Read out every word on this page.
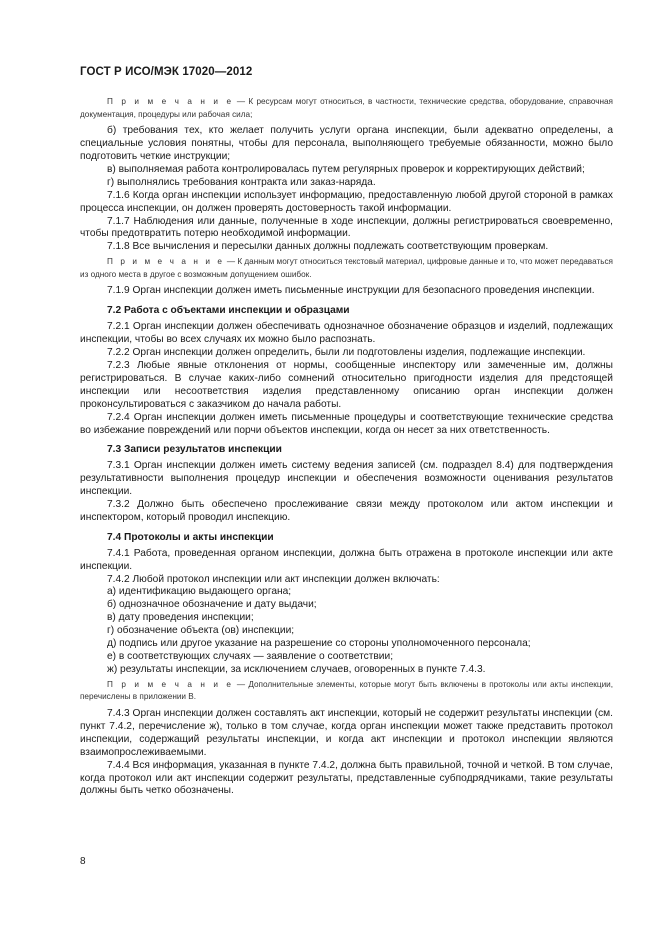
ГОСТ Р ИСО/МЭК 17020—2012

П р и м е ч а н и е — К ресурсам могут относиться, в частности, технические средства, оборудование, справочная документация, процедуры или рабочая сила;

б) требования тех, кто желает получить услуги органа инспекции, были адекватно определены, а специальные условия понятны, чтобы для персонала, выполняющего требуемые обязанности, можно было подготовить четкие инструкции;

в) выполняемая работа контролировалась путем регулярных проверок и корректирующих действий;

г) выполнялись требования контракта или заказ-наряда.

7.1.6 Когда орган инспекции использует информацию, предоставленную любой другой стороной в рамках процесса инспекции, он должен проверять достоверность такой информации.

7.1.7 Наблюдения или данные, полученные в ходе инспекции, должны регистрироваться своевременно, чтобы предотвратить потерю необходимой информации.

7.1.8 Все вычисления и пересылки данных должны подлежать соответствующим проверкам.

П р и м е ч а н и е — К данным могут относиться текстовый материал, цифровые данные и то, что может передаваться из одного места в другое с возможным допущением ошибок.

7.1.9 Орган инспекции должен иметь письменные инструкции для безопасного проведения инспекции.

7.2 Работа с объектами инспекции и образцами

7.2.1 Орган инспекции должен обеспечивать однозначное обозначение образцов и изделий, подлежащих инспекции, чтобы во всех случаях их можно было распознать.

7.2.2 Орган инспекции должен определить, были ли подготовлены изделия, подлежащие инспекции.

7.2.3 Любые явные отклонения от нормы, сообщенные инспектору или замеченные им, должны регистрироваться. В случае каких-либо сомнений относительно пригодности изделия для предстоящей инспекции или несоответствия изделия представленному описанию орган инспекции должен проконсультироваться с заказчиком до начала работы.

7.2.4 Орган инспекции должен иметь письменные процедуры и соответствующие технические средства во избежание повреждений или порчи объектов инспекции, когда он несет за них ответственность.

7.3 Записи результатов инспекции

7.3.1 Орган инспекции должен иметь систему ведения записей (см. подраздел 8.4) для подтверждения результативности выполнения процедур инспекции и обеспечения возможности оценивания результатов инспекции.

7.3.2 Должно быть обеспечено прослеживание связи между протоколом или актом инспекции и инспектором, который проводил инспекцию.

7.4 Протоколы и акты инспекции

7.4.1 Работа, проведенная органом инспекции, должна быть отражена в протоколе инспекции или акте инспекции.

7.4.2 Любой протокол инспекции или акт инспекции должен включать:

а) идентификацию выдающего органа;

б) однозначное обозначение и дату выдачи;

в) дату проведения инспекции;

г) обозначение объекта (ов) инспекции;

д) подпись или другое указание на разрешение со стороны уполномоченного персонала;

е) в соответствующих случаях — заявление о соответствии;

ж) результаты инспекции, за исключением случаев, оговоренных в пункте 7.4.3.

П р и м е ч а н и е — Дополнительные элементы, которые могут быть включены в протоколы или акты инспекции, перечислены в приложении В.

7.4.3 Орган инспекции должен составлять акт инспекции, который не содержит результаты инспекции (см. пункт 7.4.2, перечисление ж), только в том случае, когда орган инспекции может также представить протокол инспекции, содержащий результаты инспекции, и когда акт инспекции и протокол инспекции являются взаимопрослеживаемыми.

7.4.4 Вся информация, указанная в пункте 7.4.2, должна быть правильной, точной и четкой. В том случае, когда протокол или акт инспекции содержит результаты, представленные субподрядчиками, такие результаты должны быть четко обозначены.

8
